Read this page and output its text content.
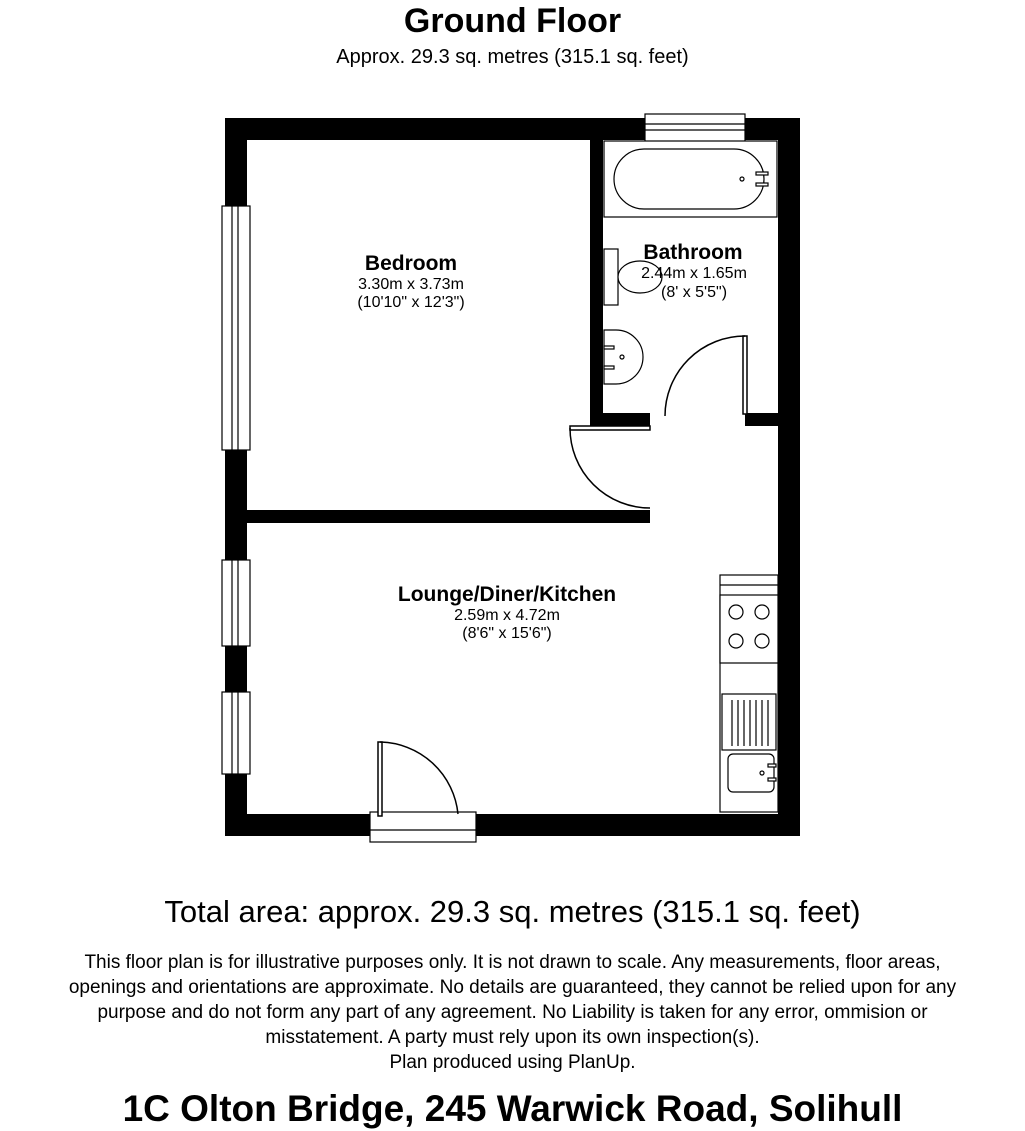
Ground Floor
Approx. 29.3 sq. metres (315.1 sq. feet)
Bedroom
3.30m x 3.73m
(10'10" x 12'3")
Bathroom
2.44m x 1.65m
(8' x 5'5")
Lounge/Diner/Kitchen
2.59m x 4.72m
(8'6" x 15'6")
Total area: approx. 29.3 sq. metres (315.1 sq. feet)
This floor plan is for illustrative purposes only. It is not drawn to scale. Any measurements, floor areas,
openings and orientations are approximate. No details are guaranteed, they cannot be relied upon for any
purpose and do not form any part of any agreement. No Liability is taken for any error, ommision or
misstatement. A party must rely upon its own inspection(s).
Plan produced using PlanUp.
1C Olton Bridge, 245 Warwick Road, Solihull
